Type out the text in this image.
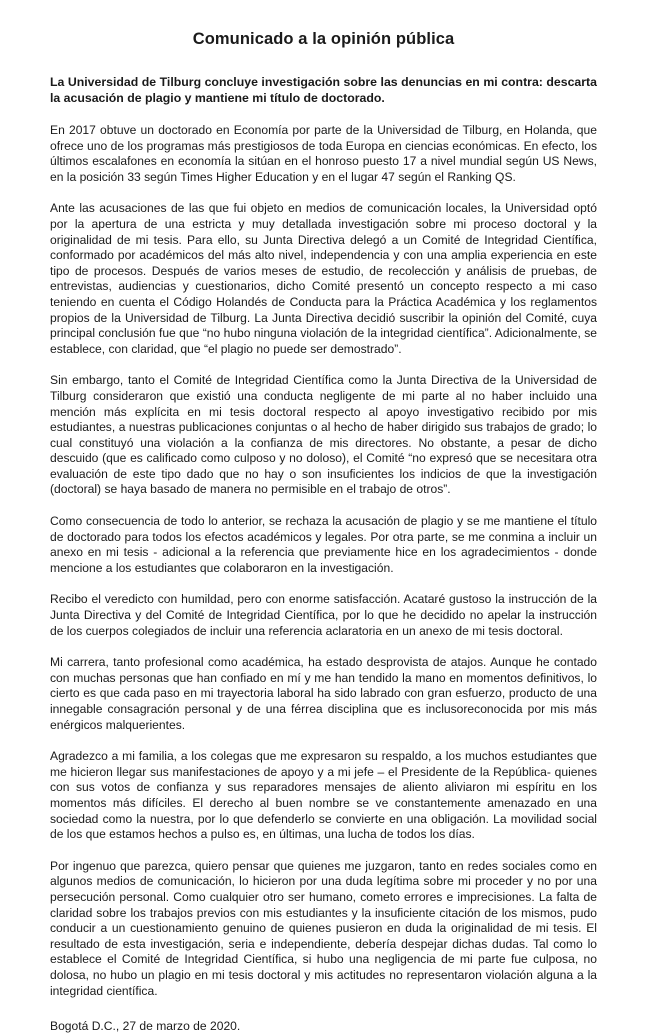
Comunicado a la opinión pública

La Universidad de Tilburg concluye investigación sobre las denuncias en mi contra: descarta la acusación de plagio y mantiene mi título de doctorado.

En 2017 obtuve un doctorado en Economía por parte de la Universidad de Tilburg, en Holanda, que ofrece uno de los programas más prestigiosos de toda Europa en ciencias económicas. En efecto, los últimos escalafones en economía la sitúan en el honroso puesto 17 a nivel mundial según US News, en la posición 33 según Times Higher Education y en el lugar 47 según el Ranking QS.

Ante las acusaciones de las que fui objeto en medios de comunicación locales, la Universidad optó por la apertura de una estricta y muy detallada investigación sobre mi proceso doctoral y la originalidad de mi tesis. Para ello, su Junta Directiva delegó a un Comité de Integridad Científica, conformado por académicos del más alto nivel, independencia y con una amplia experiencia en este tipo de procesos. Después de varios meses de estudio, de recolección y análisis de pruebas, de entrevistas, audiencias y cuestionarios, dicho Comité presentó un concepto respecto a mi caso teniendo en cuenta el Código Holandés de Conducta para la Práctica Académica y los reglamentos propios de la Universidad de Tilburg. La Junta Directiva decidió suscribir la opinión del Comité, cuya principal conclusión fue que “no hubo ninguna violación de la integridad científica”. Adicionalmente, se establece, con claridad, que “el plagio no puede ser demostrado”.

Sin embargo, tanto el Comité de Integridad Científica como la Junta Directiva de la Universidad de Tilburg consideraron que existió una conducta negligente de mi parte al no haber incluido una mención más explícita en mi tesis doctoral respecto al apoyo investigativo recibido por mis estudiantes, a nuestras publicaciones conjuntas o al hecho de haber dirigido sus trabajos de grado; lo cual constituyó una violación a la confianza de mis directores. No obstante, a pesar de dicho descuido (que es calificado como culposo y no doloso), el Comité “no expresó que se necesitara otra evaluación de este tipo dado que no hay o son insuficientes los indicios de que la investigación (doctoral) se haya basado de manera no permisible en el trabajo de otros”.

Como consecuencia de todo lo anterior, se rechaza la acusación de plagio y se me mantiene el título de doctorado para todos los efectos académicos y legales. Por otra parte, se me conmina a incluir un anexo en mi tesis - adicional a la referencia que previamente hice en los agradecimientos - donde mencione a los estudiantes que colaboraron en la investigación.

Recibo el veredicto con humildad, pero con enorme satisfacción. Acataré gustoso la instrucción de la Junta Directiva y del Comité de Integridad Científica, por lo que he decidido no apelar la instrucción de los cuerpos colegiados de incluir una referencia aclaratoria en un anexo de mi tesis doctoral.

Mi carrera, tanto profesional como académica, ha estado desprovista de atajos. Aunque he contado con muchas personas que han confiado en mí y me han tendido la mano en momentos definitivos, lo cierto es que cada paso en mi trayectoria laboral ha sido labrado con gran esfuerzo, producto de una innegable consagración personal y de una férrea disciplina que es inclusoreconocida por mis más enérgicos malquerientes.

Agradezco a mi familia, a los colegas que me expresaron su respaldo, a los muchos estudiantes que me hicieron llegar sus manifestaciones de apoyo y a mi jefe – el Presidente de la República- quienes con sus votos de confianza y sus reparadores mensajes de aliento aliviaron mi espíritu en los momentos más difíciles. El derecho al buen nombre se ve constantemente amenazado en una sociedad como la nuestra, por lo que defenderlo se convierte en una obligación. La movilidad social de los que estamos hechos a pulso es, en últimas, una lucha de todos los días.

Por ingenuo que parezca, quiero pensar que quienes me juzgaron, tanto en redes sociales como en algunos medios de comunicación, lo hicieron por una duda legítima sobre mi proceder y no por una persecución personal. Como cualquier otro ser humano, cometo errores e imprecisiones. La falta de claridad sobre los trabajos previos con mis estudiantes y la insuficiente citación de los mismos, pudo conducir a un cuestionamiento genuino de quienes pusieron en duda la originalidad de mi tesis. El resultado de esta investigación, seria e independiente, debería despejar dichas dudas. Tal como lo establece el Comité de Integridad Científica, si hubo una negligencia de mi parte fue culposa, no dolosa, no hubo un plagio en mi tesis doctoral y mis actitudes no representaron violación alguna a la integridad científica.

Bogotá D.C., 27 de marzo de 2020.
